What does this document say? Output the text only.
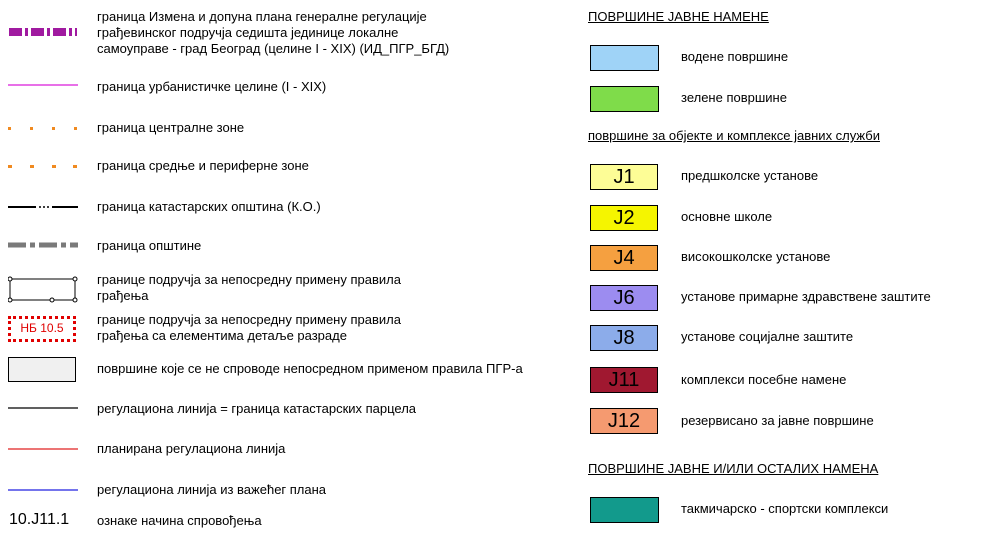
граница Измена и допуна плана генералне регулације
грађевинског подручја седишта јединице локалне
самоуправе - град Београд (целине I - XIX) (ИД_ПГР_БГД)
граница урбанистичке целине (I - XIX)
граница централне зоне
граница средње и периферне зоне
граница катастарских општина (К.О.)
граница општине
границе подручја за непосредну примену правила
грађења
НБ 10.5
границе подручја за непосредну примену правила
грађења са елементима детаље разраде
површине које се не спроводе непосредном применом правила ПГР-а
регулациона линија = граница катастарских парцела
планирана регулациона линија
регулациона линија из важећег плана
10.J11.1 ознаке начина спровођења
ПОВРШИНЕ ЈАВНЕ НАМЕНЕ
водене површине
зелене површине
површине за објекте и комплексе јавних служби
J1	предшколске установе
J2	основне школе
J4	високошколске установе
J6	установе примарне здравствене заштите
J8	установе социјалне заштите
J11	комплекси посебне намене
J12	резервисано за јавне површине
ПОВРШИНЕ ЈАВНЕ И/ИЛИ ОСТАЛИХ НАМЕНА
такмичарско - спортски комплекси
